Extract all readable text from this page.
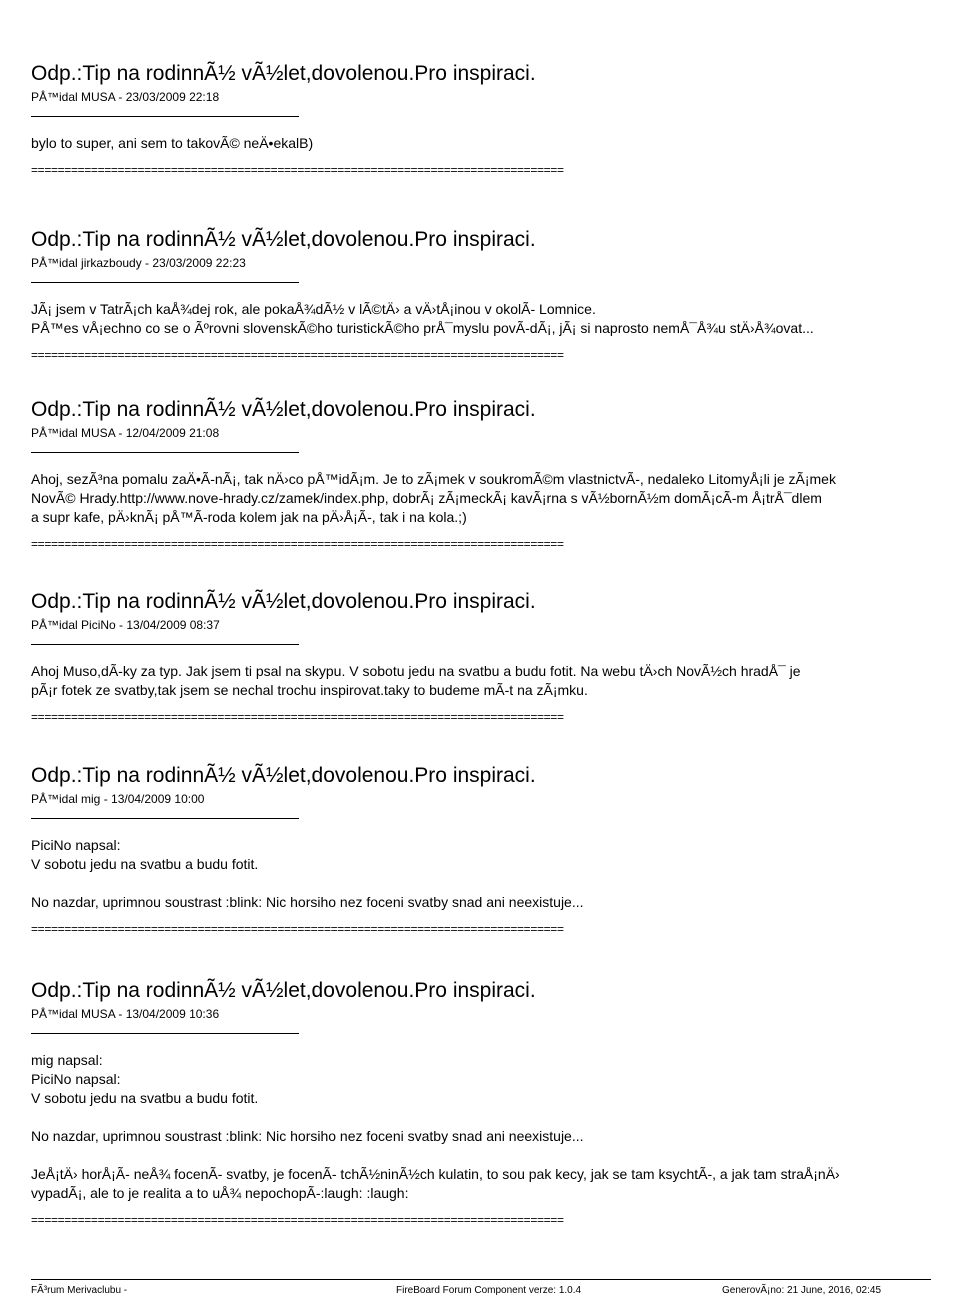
Odp.:Tip na rodinnÃ½ vÃ½let,dovolenou.Pro inspiraci.
PÅ™idal MUSA - 23/03/2009 22:18

bylo to super, ani sem to takovÃ© neÄ•ekalB)

================================================================================
Odp.:Tip na rodinnÃ½ vÃ½let,dovolenou.Pro inspiraci.
PÅ™idal jirkazboudy - 23/03/2009 22:23

JÃ¡ jsem v TatrÃ¡ch kaÅ¾dej rok, ale pokaÅ¾dÃ½ v lÃ©tÄ› a vÄ›tÅ¡inou v okolÃ- Lomnice.

PÅ™es vÅ¡echno co se o Ãºrovni slovenskÃ©ho turistickÃ©ho prÅ¯myslu povÃ-dÃ¡, jÃ¡ si naprosto nemÅ¯Å¾u stÄ›Å¾ovat...

================================================================================
Odp.:Tip na rodinnÃ½ vÃ½let,dovolenou.Pro inspiraci.
PÅ™idal MUSA - 12/04/2009 21:08

Ahoj, sezÃ³na pomalu zaÄ•Ã-nÃ¡, tak nÄ›co pÅ™idÃ¡m. Je to zÃ¡mek v soukromÃ©m vlastnictvÃ-, nedaleko LitomyÅ¡li je zÃ¡mek

NovÃ© Hrady.http://www.nove-hrady.cz/zamek/index.php, dobrÃ¡ zÃ¡meckÃ¡ kavÃ¡rna s vÃ½bornÃ½m domÃ¡cÃ-m Å¡trÅ¯dlem

a supr kafe, pÄ›knÃ¡ pÅ™Ã-roda kolem jak na pÄ›Å¡Ã-, tak i na kola.;)

================================================================================
Odp.:Tip na rodinnÃ½ vÃ½let,dovolenou.Pro inspiraci.
PÅ™idal PiciNo - 13/04/2009 08:37

Ahoj Muso,dÃ-ky za typ. Jak jsem ti psal na skypu. V sobotu jedu na svatbu a budu fotit. Na webu tÄ›ch NovÃ½ch hradÅ¯ je

pÃ¡r fotek ze svatby,tak jsem se nechal trochu inspirovat.taky to budeme mÃ-t na zÃ¡mku.

================================================================================
Odp.:Tip na rodinnÃ½ vÃ½let,dovolenou.Pro inspiraci.
PÅ™idal mig - 13/04/2009 10:00

PiciNo napsal:

V sobotu jedu na svatbu a budu fotit.

No nazdar, uprimnou soustrast :blink: Nic horsiho nez foceni svatby snad ani neexistuje...

================================================================================
Odp.:Tip na rodinnÃ½ vÃ½let,dovolenou.Pro inspiraci.
PÅ™idal MUSA - 13/04/2009 10:36

mig napsal:

PiciNo napsal:

V sobotu jedu na svatbu a budu fotit.

No nazdar, uprimnou soustrast :blink: Nic horsiho nez foceni svatby snad ani neexistuje...

JeÅ¡tÄ› horÅ¡Ã- neÅ¾ focenÃ- svatby, je focenÃ- tchÃ½ninÃ½ch kulatin, to sou pak kecy, jak se tam ksychtÃ-, a jak tam straÅ¡nÄ›

vypadÃ¡, ale to je realita a to uÅ¾ nepochopÃ-:laugh: :laugh:

================================================================================
FÃ³rum Merivaclubu -	FireBoard Forum Component verze: 1.0.4	GenerovÃ¡no: 21 June, 2016, 02:45
